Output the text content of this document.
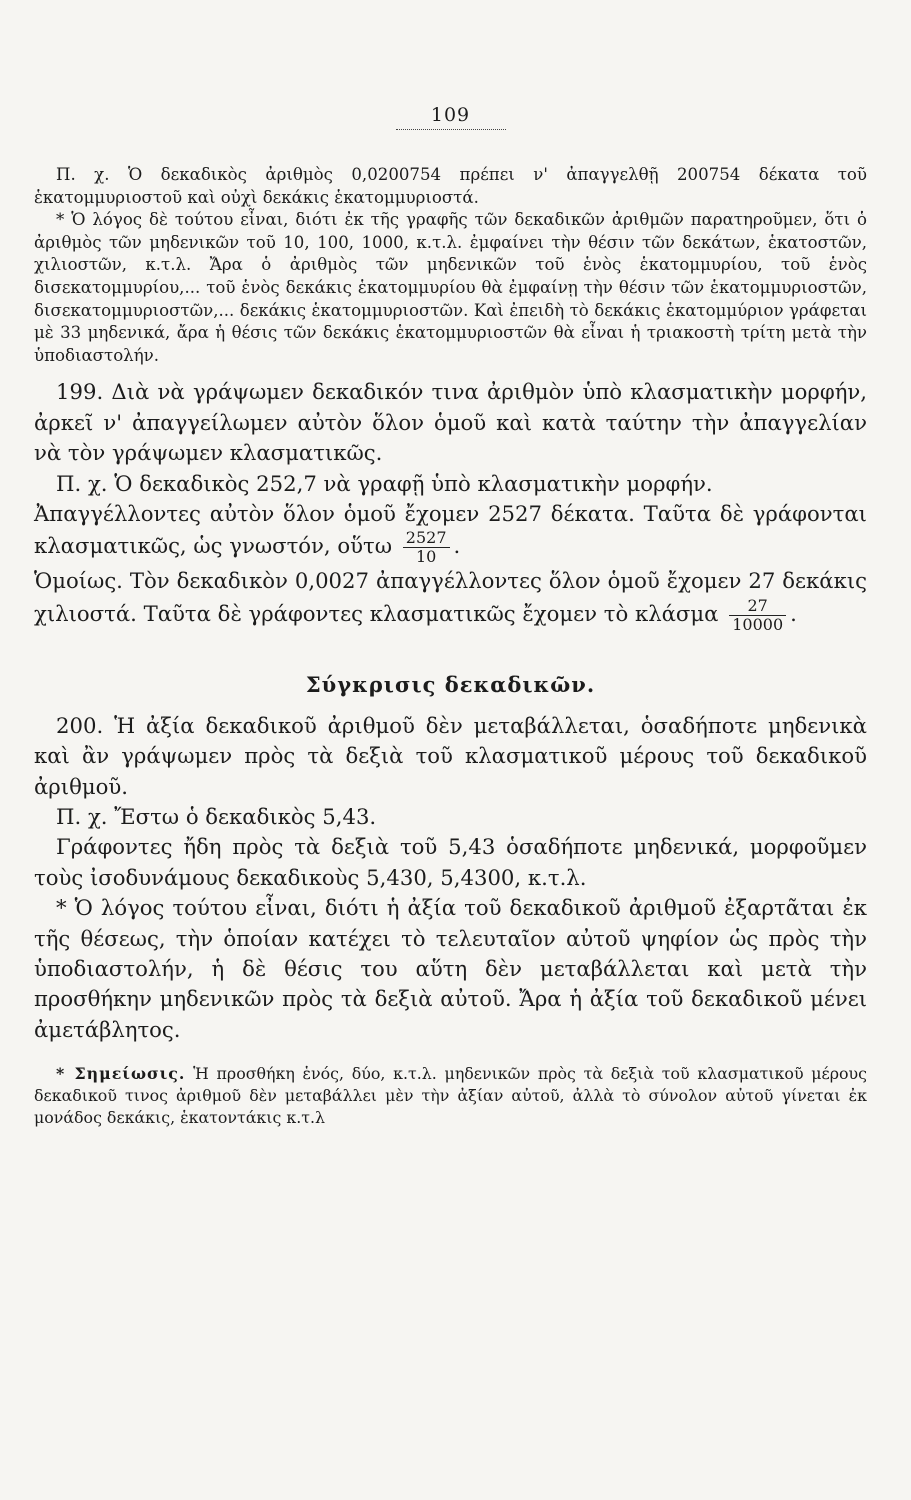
109

Π. χ. Ὁ δεκαδικὸς ἀριθμὸς 0,0200754 πρέπει ν' ἀπαγγελθῇ 200754 δέκατα τοῦ ἑκατομμυριοστοῦ καὶ οὐχὶ δεκάκις ἑκατομμυριοστά.

* Ὁ λόγος δὲ τούτου εἶναι, διότι ἐκ τῆς γραφῆς τῶν δεκαδικῶν ἀριθμῶν παρατηροῦμεν, ὅτι ὁ ἀριθμὸς τῶν μηδενικῶν τοῦ 10, 100, 1000, κ.τ.λ. ἐμφαίνει τὴν θέσιν τῶν δεκάτων, ἑκατοστῶν, χιλιοστῶν, κ.τ.λ. Ἄρα ὁ ἀριθμὸς τῶν μηδενικῶν τοῦ ἑνὸς ἑκατομμυρίου, τοῦ ἑνὸς δισεκατομμυρίου,... τοῦ ἑνὸς δεκάκις ἑκατομμυρίου θὰ ἐμφαίνῃ τὴν θέσιν τῶν ἑκατομμυριοστῶν, δισεκατομμυριοστῶν,... δεκάκις ἑκατομμυριοστῶν. Καὶ ἐπειδὴ τὸ δεκάκις ἑκατομμύριον γράφεται μὲ 33 μηδενικά, ἄρα ἡ θέσις τῶν δεκάκις ἑκατομμυριοστῶν θὰ εἶναι ἡ τριακοστὴ τρίτη μετὰ τὴν ὑποδιαστολήν.

199. Διὰ νὰ γράψωμεν δεκαδικόν τινα ἀριθμὸν ὑπὸ κλασματικὴν μορφήν, ἀρκεῖ ν' ἀπαγγείλωμεν αὐτὸν ὅλον ὁμοῦ καὶ κατὰ ταύτην τὴν ἀπαγγελίαν νὰ τὸν γράψωμεν κλασματικῶς.

Π. χ. Ὁ δεκαδικὸς 252,7 νὰ γραφῇ ὑπὸ κλασματικὴν μορφήν.

Ἀπαγγέλλοντες αὐτὸν ὅλον ὁμοῦ ἔχομεν 2527 δέκατα. Ταῦτα δὲ γράφονται κλασματικῶς, ὡς γνωστόν, οὕτω $\frac{2527}{10}$ .

Ὁμοίως. Τὸν δεκαδικὸν 0,0027 ἀπαγγέλλοντες ὅλον ὁμοῦ ἔχομεν 27 δεκάκις χιλιοστά. Ταῦτα δὲ γράφοντες κλασματικῶς ἔχομεν τὸ κλάσμα $\frac{27}{10000}$ .

Σύγκρισις δεκαδικῶν.

200. Ἡ ἀξία δεκαδικοῦ ἀριθμοῦ δὲν μεταβάλλεται, ὁσαδήποτε μηδενικὰ καὶ ἂν γράψωμεν πρὸς τὰ δεξιὰ τοῦ κλασματικοῦ μέρους τοῦ δεκαδικοῦ ἀριθμοῦ.

Π. χ. Ἔστω ὁ δεκαδικὸς 5,43.

Γράφοντες ἤδη πρὸς τὰ δεξιὰ τοῦ 5,43 ὁσαδήποτε μηδενικά, μορφοῦμεν τοὺς ἰσοδυνάμους δεκαδικοὺς 5,430, 5,4300, κ.τ.λ.

* Ὁ λόγος τούτου εἶναι, διότι ἡ ἀξία τοῦ δεκαδικοῦ ἀριθμοῦ ἐξαρτᾶται ἐκ τῆς θέσεως, τὴν ὁποίαν κατέχει τὸ τελευταῖον αὐτοῦ ψηφίον ὡς πρὸς τὴν ὑποδιαστολήν, ἡ δὲ θέσις του αὕτη δὲν μεταβάλλεται καὶ μετὰ τὴν προσθήκην μηδενικῶν πρὸς τὰ δεξιὰ αὐτοῦ. Ἄρα ἡ ἀξία τοῦ δεκαδικοῦ μένει ἀμετάβλητος.

* Σημείωσις. Ἡ προσθήκη ἑνός, δύο, κ.τ.λ. μηδενικῶν πρὸς τὰ δεξιὰ τοῦ κλασματικοῦ μέρους δεκαδικοῦ τινος ἀριθμοῦ δὲν μεταβάλλει μὲν τὴν ἀξίαν αὐτοῦ, ἀλλὰ τὸ σύνολον αὐτοῦ γίνεται ἐκ μονάδος δεκάκις, ἑκατοντάκις κ.τ.λ
